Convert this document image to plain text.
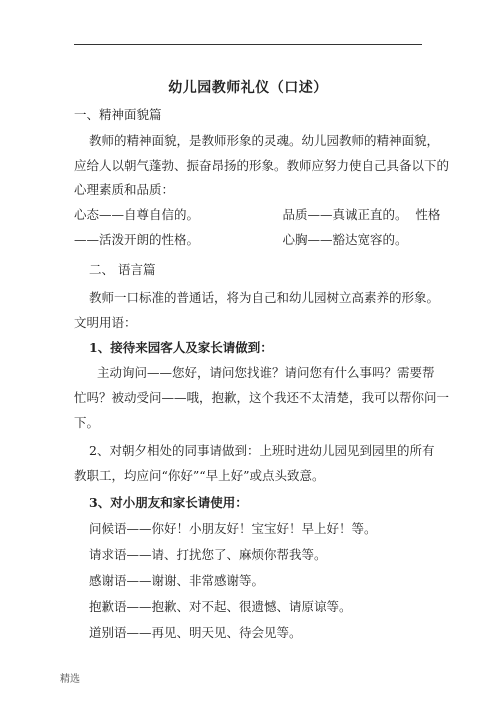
幼儿园教师礼仪（口述）
一、精神面貌篇
教师的精神面貌，是教师形象的灵魂。幼儿园教师的精神面貌，
应给人以朝气蓬勃、振奋昂扬的形象。教师应努力使自己具备以下的
心理素质和品质：
心态——自尊自信的。                     品质——真诚正直的。  性格
——活泼开朗的性格。                     心胸——豁达宽容的。
二、 语言篇
教师一口标准的普通话，将为自己和幼儿园树立高素养的形象。
文明用语：
1、接待来园客人及家长请做到：
主动询问——您好，请问您找谁？请问您有什么事吗？需要帮
忙吗？被动受问——哦，抱歉，这个我还不太清楚，我可以帮你问一
下。
2、对朝夕相处的同事请做到：上班时进幼儿园见到园里的所有
教职工，均应问“你好”“早上好”或点头致意。
3、对小朋友和家长请使用：
问候语——你好！小朋友好！宝宝好！早上好！等。
请求语——请、打扰您了、麻烦你帮我等。
感谢语——谢谢、非常感谢等。
抱歉语——抱歉、对不起、很遗憾、请原谅等。
道别语——再见、明天见、待会见等。
精选
